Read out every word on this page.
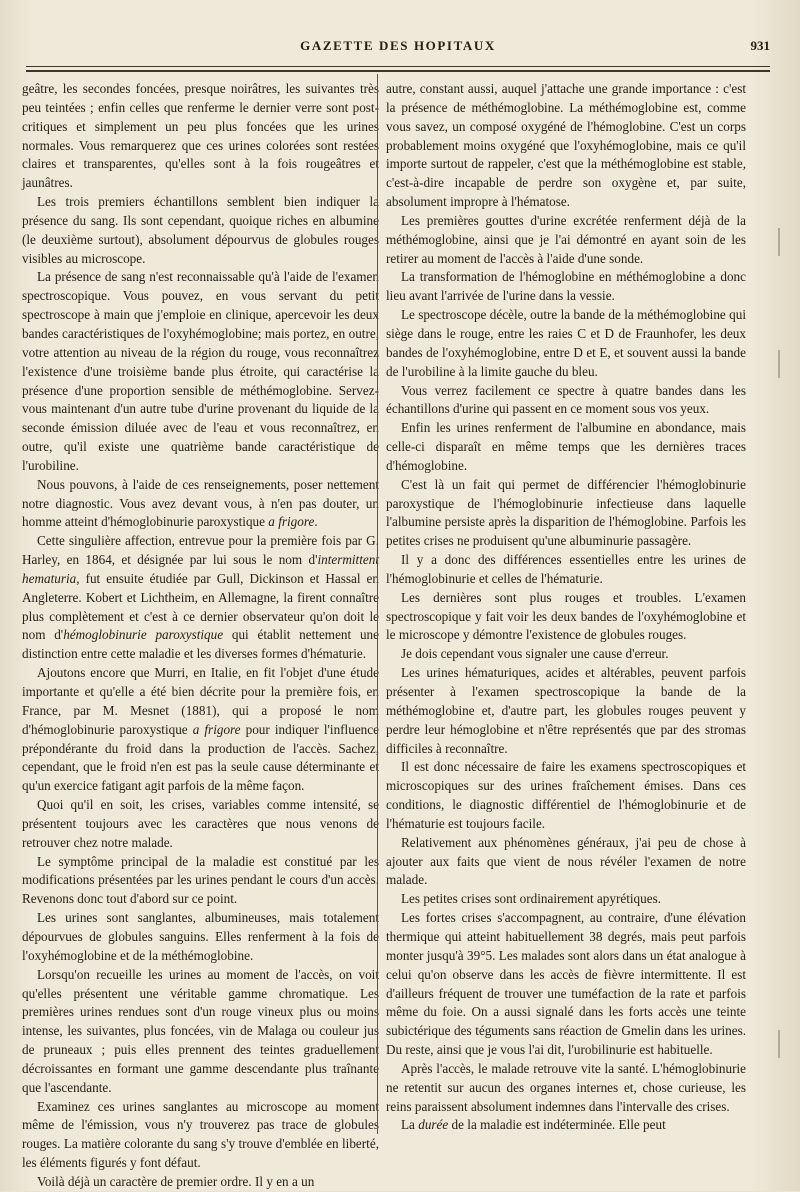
GAZETTE DES HOPITAUX	931

geâtre, les secondes foncées, presque noirâtres, les suivantes très peu teintées ; enfin celles que renferme le dernier verre sont post-critiques et simplement un peu plus foncées que les urines normales. Vous remarquerez que ces urines colorées sont restées claires et transparentes, qu'elles sont à la fois rougeâtres et jaunâtres.

Les trois premiers échantillons semblent bien indiquer la présence du sang. Ils sont cependant, quoique riches en albumine (le deuxième surtout), absolument dépourvus de globules rouges visibles au microscope.

La présence de sang n'est reconnaissable qu'à l'aide de l'examen spectroscopique. Vous pouvez, en vous servant du petit spectroscope à main que j'emploie en clinique, apercevoir les deux bandes caractéristiques de l'oxyhémoglobine; mais portez, en outre, votre attention au niveau de la région du rouge, vous reconnaîtrez l'existence d'une troisième bande plus étroite, qui caractérise la présence d'une proportion sensible de méthémoglobine. Servez-vous maintenant d'un autre tube d'urine provenant du liquide de la seconde émission diluée avec de l'eau et vous reconnaîtrez, en outre, qu'il existe une quatrième bande caractéristique de l'urobiline.

Nous pouvons, à l'aide de ces renseignements, poser nettement notre diagnostic. Vous avez devant vous, à n'en pas douter, un homme atteint d'hémoglobinurie paroxystique a frigore.

Cette singulière affection, entrevue pour la première fois par G. Harley, en 1864, et désignée par lui sous le nom d'intermittent hematuria, fut ensuite étudiée par Gull, Dickinson et Hassal en Angleterre. Kobert et Lichtheim, en Allemagne, la firent connaître plus complètement et c'est à ce dernier observateur qu'on doit le nom d'hémoglobinurie paroxystique qui établit nettement une distinction entre cette maladie et les diverses formes d'hématurie.

Ajoutons encore que Murri, en Italie, en fit l'objet d'une étude importante et qu'elle a été bien décrite pour la première fois, en France, par M. Mesnet (1881), qui a proposé le nom d'hémoglobinurie paroxystique a frigore pour indiquer l'influence prépondérante du froid dans la production de l'accès. Sachez, cependant, que le froid n'en est pas la seule cause déterminante et qu'un exercice fatigant agit parfois de la même façon.

Quoi qu'il en soit, les crises, variables comme intensité, se présentent toujours avec les caractères que nous venons de retrouver chez notre malade.

Le symptôme principal de la maladie est constitué par les modifications présentées par les urines pendant le cours d'un accès. Revenons donc tout d'abord sur ce point.

Les urines sont sanglantes, albumineuses, mais totalement dépourvues de globules sanguins. Elles renferment à la fois de l'oxyhémoglobine et de la méthémoglobine.

Lorsqu'on recueille les urines au moment de l'accès, on voit qu'elles présentent une véritable gamme chromatique. Les premières urines rendues sont d'un rouge vineux plus ou moins intense, les suivantes, plus foncées, vin de Malaga ou couleur jus de pruneaux ; puis elles prennent des teintes graduellement décroissantes en formant une gamme descendante plus traînante que l'ascendante.

Examinez ces urines sanglantes au microscope au moment même de l'émission, vous n'y trouverez pas trace de globules rouges. La matière colorante du sang s'y trouve d'emblée en liberté, les éléments figurés y font défaut.

Voilà déjà un caractère de premier ordre. Il y en a un

autre, constant aussi, auquel j'attache une grande importance : c'est la présence de méthémoglobine. La méthémoglobine est, comme vous savez, un composé oxygéné de l'hémoglobine. C'est un corps probablement moins oxygéné que l'oxyhémoglobine, mais ce qu'il importe surtout de rappeler, c'est que la méthémoglobine est stable, c'est-à-dire incapable de perdre son oxygène et, par suite, absolument impropre à l'hématose.

Les premières gouttes d'urine excrétée renferment déjà de la méthémoglobine, ainsi que je l'ai démontré en ayant soin de les retirer au moment de l'accès à l'aide d'une sonde.

La transformation de l'hémoglobine en méthémoglobine a donc lieu avant l'arrivée de l'urine dans la vessie.

Le spectroscope décèle, outre la bande de la méthémoglobine qui siège dans le rouge, entre les raies C et D de Fraunhofer, les deux bandes de l'oxyhémoglobine, entre D et E, et souvent aussi la bande de l'urobiline à la limite gauche du bleu.

Vous verrez facilement ce spectre à quatre bandes dans les échantillons d'urine qui passent en ce moment sous vos yeux.

Enfin les urines renferment de l'albumine en abondance, mais celle-ci disparaît en même temps que les dernières traces d'hémoglobine.

C'est là un fait qui permet de différencier l'hémoglobinurie paroxystique de l'hémoglobinurie infectieuse dans laquelle l'albumine persiste après la disparition de l'hémoglobine. Parfois les petites crises ne produisent qu'une albuminurie passagère.

Il y a donc des différences essentielles entre les urines de l'hémoglobinurie et celles de l'hématurie.

Les dernières sont plus rouges et troubles. L'examen spectroscopique y fait voir les deux bandes de l'oxyhémoglobine et le microscope y démontre l'existence de globules rouges.

Je dois cependant vous signaler une cause d'erreur.

Les urines hématuriques, acides et altérables, peuvent parfois présenter à l'examen spectroscopique la bande de la méthémoglobine et, d'autre part, les globules rouges peuvent y perdre leur hémoglobine et n'être représentés que par des stromas difficiles à reconnaître.

Il est donc nécessaire de faire les examens spectroscopiques et microscopiques sur des urines fraîchement émises. Dans ces conditions, le diagnostic différentiel de l'hémoglobinurie et de l'hématurie est toujours facile.

Relativement aux phénomènes généraux, j'ai peu de chose à ajouter aux faits que vient de nous révéler l'examen de notre malade.

Les petites crises sont ordinairement apyrétiques.

Les fortes crises s'accompagnent, au contraire, d'une élévation thermique qui atteint habituellement 38 degrés, mais peut parfois monter jusqu'à 39°5. Les malades sont alors dans un état analogue à celui qu'on observe dans les accès de fièvre intermittente. Il est d'ailleurs fréquent de trouver une tuméfaction de la rate et parfois même du foie. On a aussi signalé dans les forts accès une teinte subictérique des téguments sans réaction de Gmelin dans les urines. Du reste, ainsi que je vous l'ai dit, l'urobilinurie est habituelle.

Après l'accès, le malade retrouve vite la santé. L'hémoglobinurie ne retentit sur aucun des organes internes et, chose curieuse, les reins paraissent absolument indemnes dans l'intervalle des crises.

La durée de la maladie est indéterminée. Elle peut
